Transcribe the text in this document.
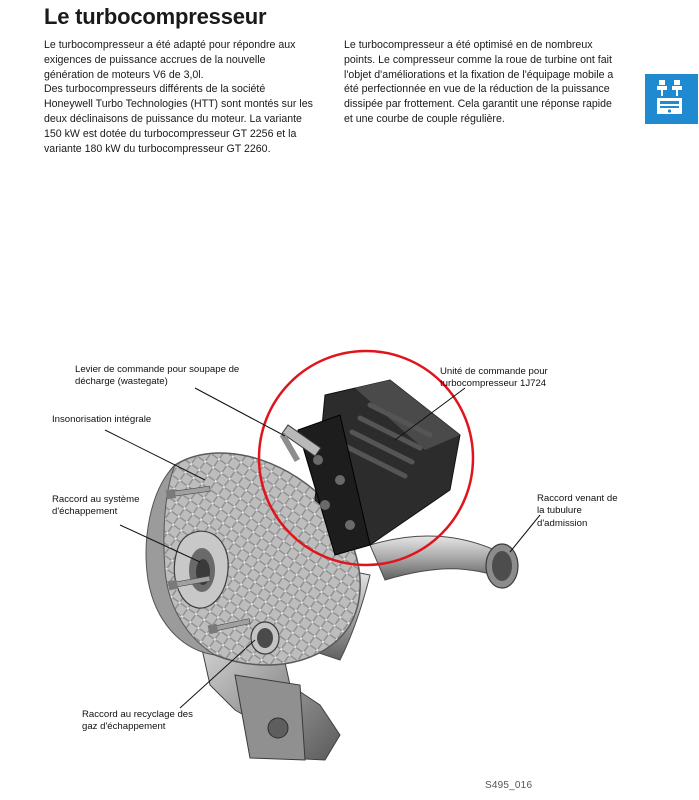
Le turbocompresseur

Le turbocompresseur a été adapté pour répondre aux exigences de puissance accrues de la nouvelle génération de moteurs V6 de 3,0l.

Des turbocompresseurs différents de la société Honeywell Turbo Technologies (HTT) sont montés sur les deux déclinaisons de puissance du moteur. La variante 150 kW est dotée du turbocompresseur GT 2256 et la variante 180 kW du turbocompresseur GT 2260.

Le turbocompresseur a été optimisé en de nombreux points. Le compresseur comme la roue de turbine ont fait l'objet d'améliorations et la fixation de l'équipage mobile a été perfectionnée en vue de la réduction de la puissance dissipée par frottement. Cela garantit une réponse rapide et une courbe de couple régulière.

Levier de commande pour soupape de décharge (wastegate)
Insonorisation intégrale
Raccord au système d'échappement
Raccord au recyclage des gaz d'échappement
Unité de commande pour turbocompresseur 1J724
Raccord venant de la tubulure d'admission
S495_016
